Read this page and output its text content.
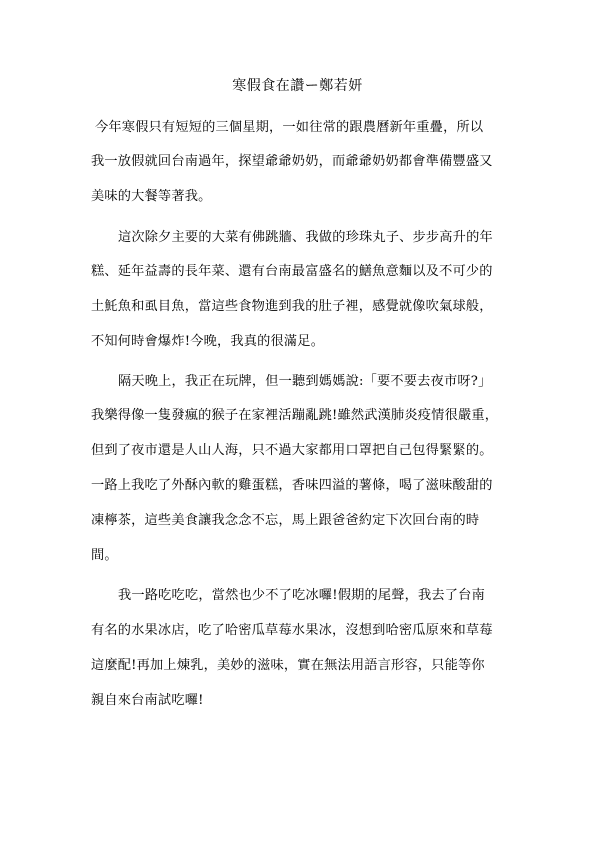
寒假食在讚ー鄭若妍
今年寒假只有短短的三個星期，一如往常的跟農曆新年重疊，所以
我一放假就回台南過年，探望爺爺奶奶，而爺爺奶奶都會準備豐盛又
美味的大餐等著我。
這次除夕主要的大菜有佛跳牆、我做的珍珠丸子、步步高升的年
糕、延年益壽的長年菜、還有台南最富盛名的鱔魚意麵以及不可少的
土魠魚和虱目魚，當這些食物進到我的肚子裡，感覺就像吹氣球般，
不知何時會爆炸!今晚，我真的很滿足。
隔天晚上，我正在玩牌，但一聽到媽媽說:「要不要去夜市呀?」
我樂得像一隻發瘋的猴子在家裡活蹦亂跳!雖然武漢肺炎疫情很嚴重，
但到了夜市還是人山人海，只不過大家都用口罩把自己包得緊緊的。
一路上我吃了外酥內軟的雞蛋糕，香味四溢的薯條，喝了滋味酸甜的
凍檸茶，這些美食讓我念念不忘，馬上跟爸爸約定下次回台南的時
間。
我一路吃吃吃，當然也少不了吃冰囉!假期的尾聲，我去了台南
有名的水果冰店，吃了哈密瓜草莓水果冰，沒想到哈密瓜原來和草莓
這麼配!再加上煉乳，美妙的滋味，實在無法用語言形容，只能等你
親自來台南試吃囉!
